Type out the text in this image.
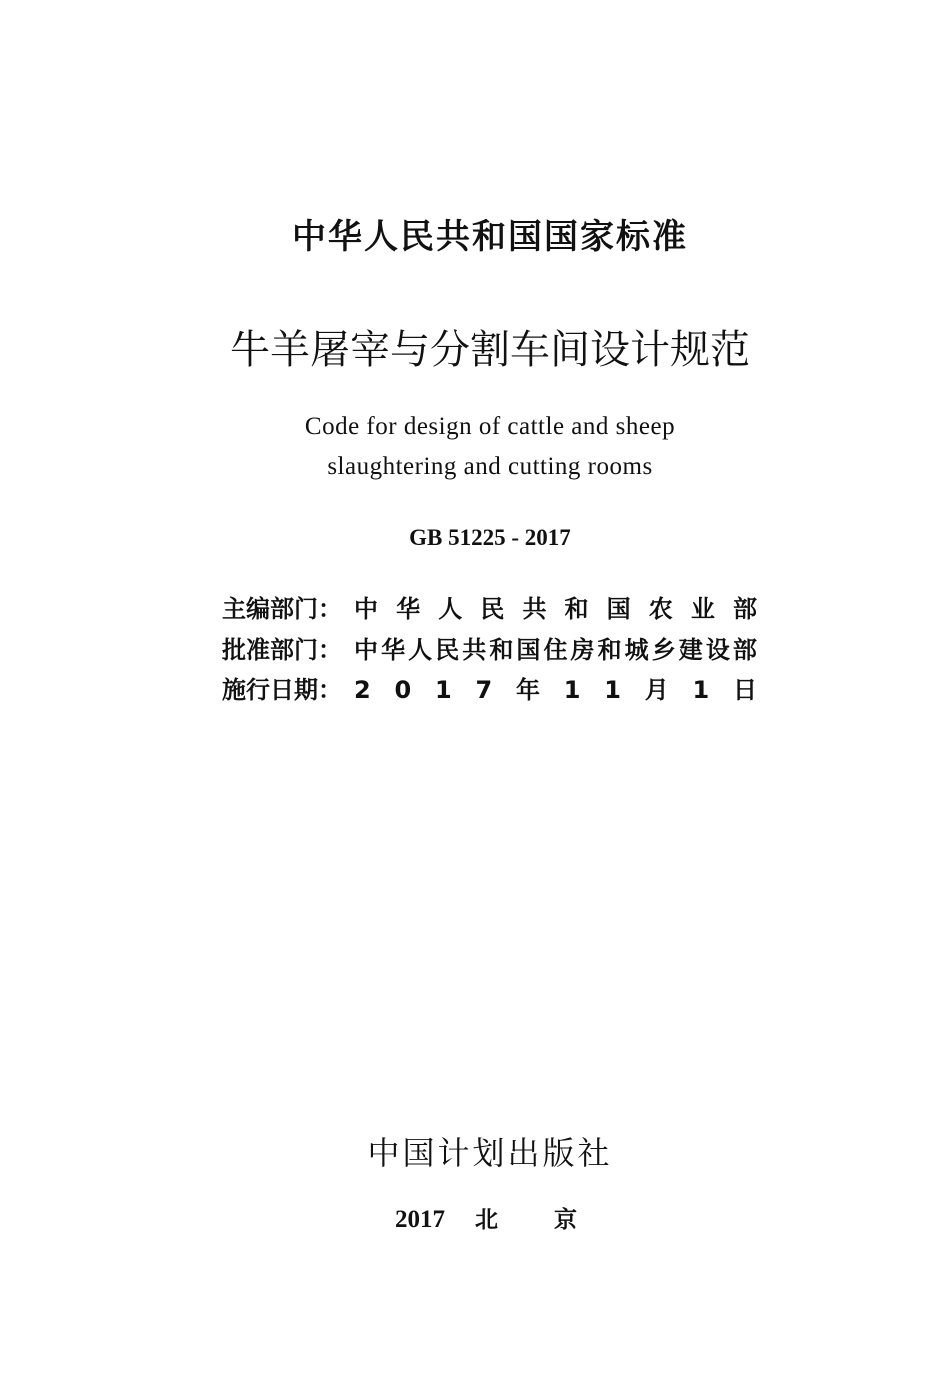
中华人民共和国国家标准
牛羊屠宰与分割车间设计规范
Code for design of cattle and sheep
slaughtering and cutting rooms
GB 51225 - 2017
主编部门： 中 华 人 民 共 和 国 农 业 部
批准部门： 中 华 人 民 共 和 国 住 房 和 城 乡 建 设 部
施行日期： 2 0 1 7 年 1 1 月 1 日
中国计划出版社
2017 北京
